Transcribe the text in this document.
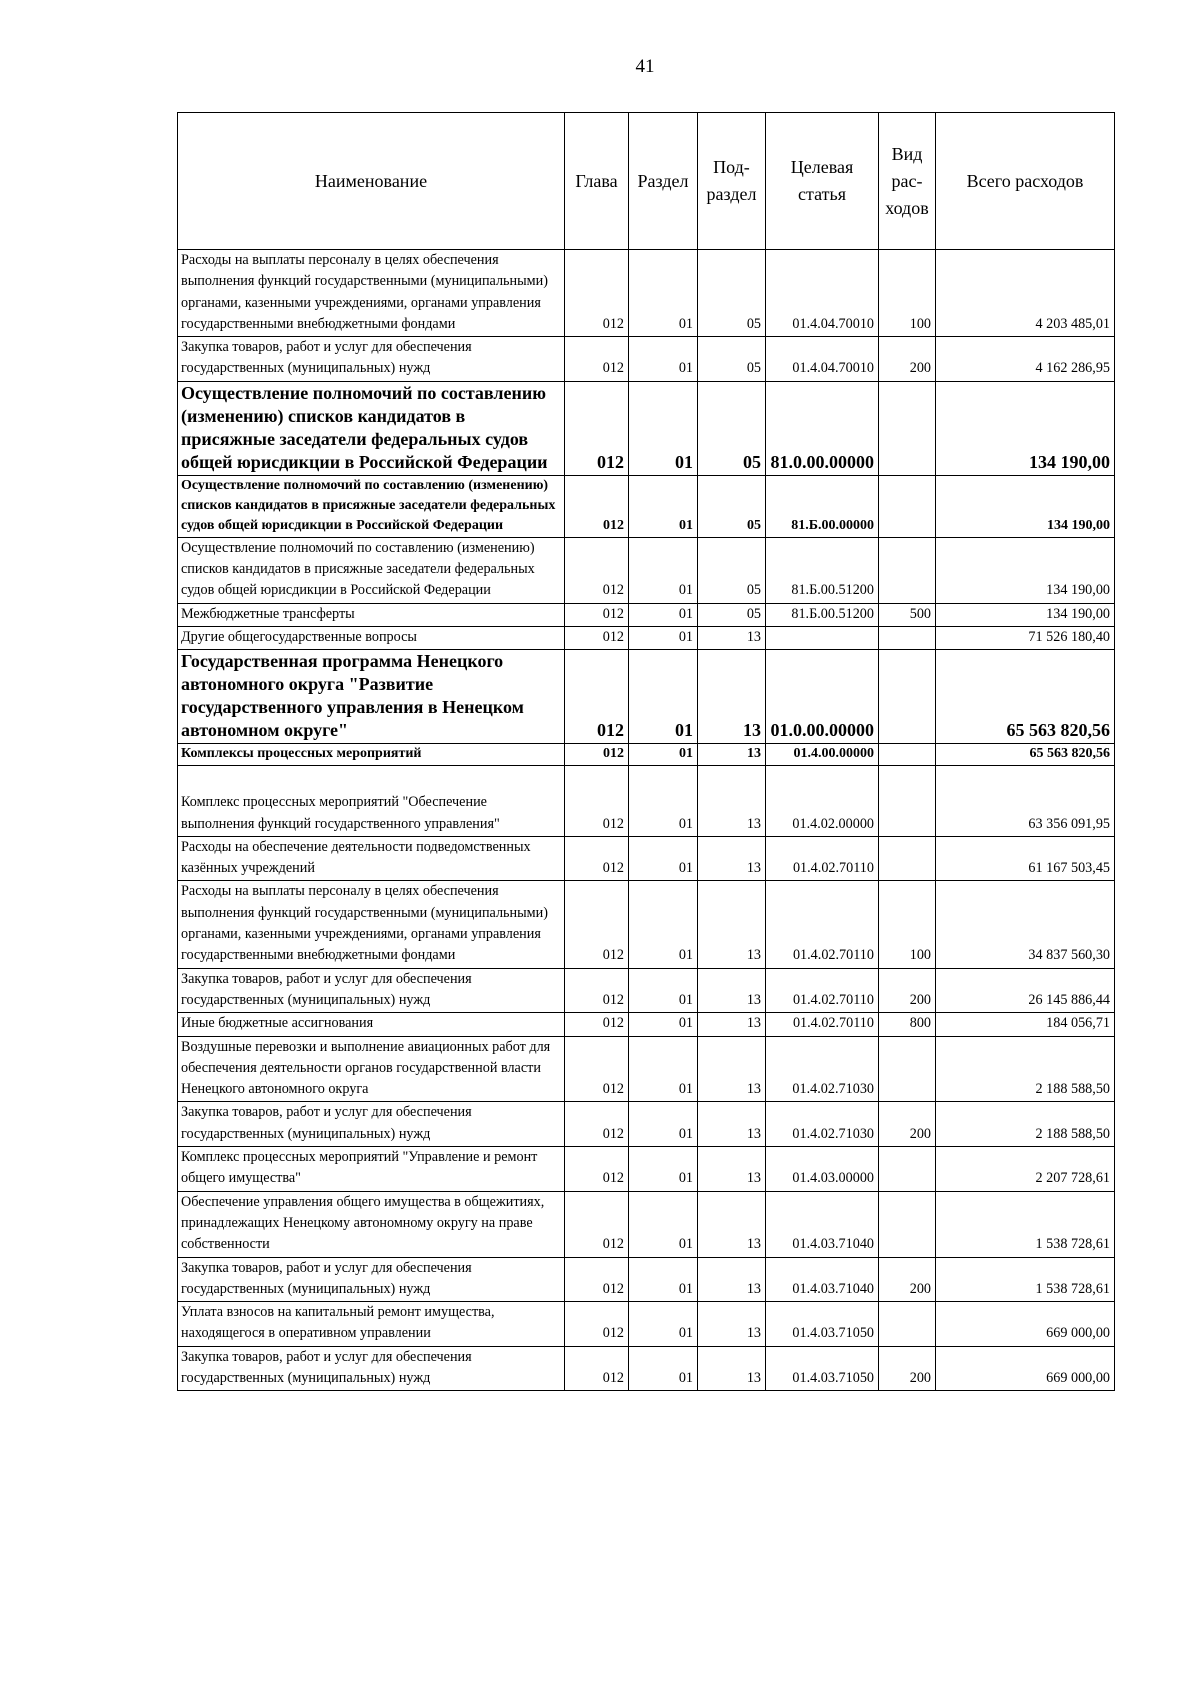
41
Наименование	Глава	Раздел	Под-раздел	Целевая статья	Вид рас-ходов	Всего расходов
Расходы на выплаты персоналу в целях обеспечения выполнения функций государственными (муниципальными) органами, казенными учреждениями, органами управления государственными внебюджетными фондами	012	01	05	01.4.04.70010	100	4 203 485,01
Закупка товаров, работ и услуг для обеспечения государственных (муниципальных) нужд	012	01	05	01.4.04.70010	200	4 162 286,95
Осуществление полномочий по составлению (изменению) списков кандидатов в присяжные заседатели федеральных судов общей юрисдикции в Российской Федерации	012	01	05	81.0.00.00000		134 190,00
Осуществление полномочий по составлению (изменению) списков кандидатов в присяжные заседатели федеральных судов общей юрисдикции в Российской Федерации	012	01	05	81.Б.00.00000		134 190,00
Осуществление полномочий по составлению (изменению) списков кандидатов в присяжные заседатели федеральных судов общей юрисдикции в Российской Федерации	012	01	05	81.Б.00.51200		134 190,00
Межбюджетные трансферты	012	01	05	81.Б.00.51200	500	134 190,00
Другие общегосударственные вопросы	012	01	13			71 526 180,40
Государственная программа Ненецкого автономного округа "Развитие государственного управления в Ненецком автономном округе"	012	01	13	01.0.00.00000		65 563 820,56
Комплексы процессных мероприятий	012	01	13	01.4.00.00000		65 563 820,56
Комплекс процессных мероприятий "Обеспечение выполнения функций государственного управления"	012	01	13	01.4.02.00000		63 356 091,95
Расходы на обеспечение деятельности подведомственных казённых учреждений	012	01	13	01.4.02.70110		61 167 503,45
Расходы на выплаты персоналу в целях обеспечения выполнения функций государственными (муниципальными) органами, казенными учреждениями, органами управления государственными внебюджетными фондами	012	01	13	01.4.02.70110	100	34 837 560,30
Закупка товаров, работ и услуг для обеспечения государственных (муниципальных) нужд	012	01	13	01.4.02.70110	200	26 145 886,44
Иные бюджетные ассигнования	012	01	13	01.4.02.70110	800	184 056,71
Воздушные перевозки и выполнение авиационных работ для обеспечения деятельности органов государственной власти Ненецкого автономного округа	012	01	13	01.4.02.71030		2 188 588,50
Закупка товаров, работ и услуг для обеспечения государственных (муниципальных) нужд	012	01	13	01.4.02.71030	200	2 188 588,50
Комплекс процессных мероприятий "Управление и ремонт общего имущества"	012	01	13	01.4.03.00000		2 207 728,61
Обеспечение управления общего имущества в общежитиях, принадлежащих Ненецкому автономному округу на праве собственности	012	01	13	01.4.03.71040		1 538 728,61
Закупка товаров, работ и услуг для обеспечения государственных (муниципальных) нужд	012	01	13	01.4.03.71040	200	1 538 728,61
Уплата взносов на капитальный ремонт имущества, находящегося в оперативном управлении	012	01	13	01.4.03.71050		669 000,00
Закупка товаров, работ и услуг для обеспечения государственных (муниципальных) нужд	012	01	13	01.4.03.71050	200	669 000,00
